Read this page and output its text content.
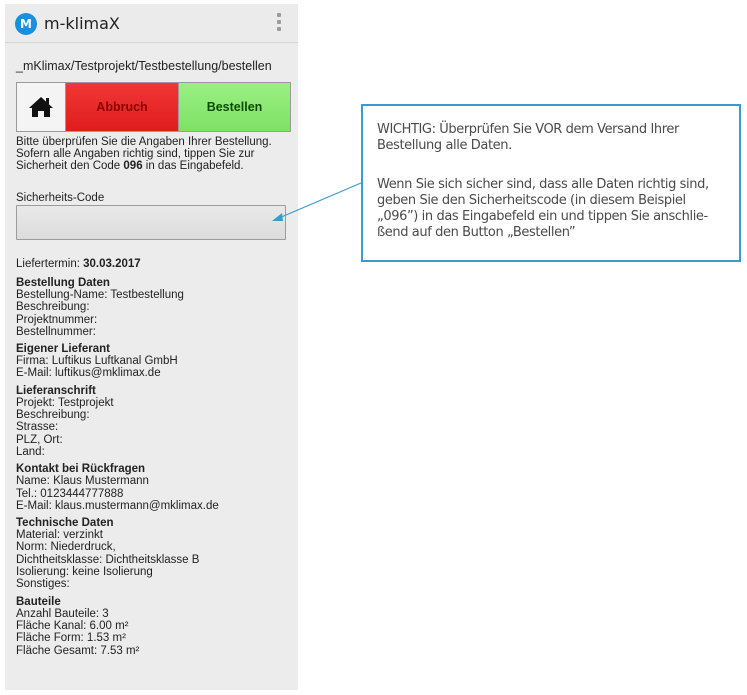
M m-klimaX
_mKlimax/Testprojekt/Testbestellung/bestellen
Abbruch	Bestellen
Bitte überprüfen Sie die Angaben Ihrer Bestellung. Sofern alle Angaben richtig sind, tippen Sie zur Sicherheit den Code 096 in das Eingabefeld.
Sicherheits-Code
Liefertermin: 30.03.2017
Bestellung Daten
Bestellung-Name: Testbestellung
Beschreibung:
Projektnummer:
Bestellnummer:
Eigener Lieferant
Firma: Luftikus Luftkanal GmbH
E-Mail: luftikus@mklimax.de
Lieferanschrift
Projekt: Testprojekt
Beschreibung:
Strasse:
PLZ, Ort:
Land:
Kontakt bei Rückfragen
Name: Klaus Mustermann
Tel.: 0123444777888
E-Mail: klaus.mustermann@mklimax.de
Technische Daten
Material: verzinkt
Norm: Niederdruck,
Dichtheitsklasse: Dichtheitsklasse B
Isolierung: keine Isolierung
Sonstiges:
Bauteile
Anzahl Bauteile: 3
Fläche Kanal: 6.00 m²
Fläche Form: 1.53 m²
Fläche Gesamt: 7.53 m²
WICHTIG: Überprüfen Sie VOR dem Versand Ihrer Bestellung alle Daten.
Wenn Sie sich sicher sind, dass alle Daten richtig sind,
geben Sie den Sicherheitscode (in diesem Beispiel
„096”) in das Eingabefeld ein und tippen Sie anschlie-
ßend auf den Button „Bestellen”
